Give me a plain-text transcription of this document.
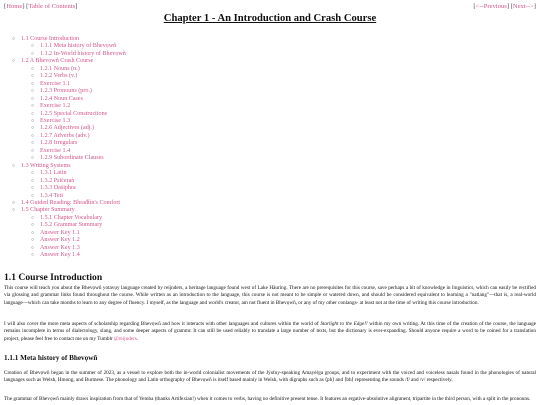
[Home] [Table of Contents]	[<--Previous] [Next-->]
Chapter 1 - An Introduction and Crash Course
○ 1.1 Course Introduction
○ 1.1.1 Meta history of Bhevọwñ
○ 1.1.2 In-World history of Bhevọwñ
○ 1.2 A Bhevọwñ Crash Course
○ 1.2.1 Nouns (n.)
○ 1.2.2 Verbs (v.)
○ Exercise 1.1
○ 1.2.3 Pronouns (pro.)
○ 1.2.4 Noun Cases
○ Exercise 1.2
○ 1.2.5 Special Constructions
○ Exercise 1.3
○ 1.2.6 Adjectives (adj.)
○ 1.2.7 Adverbs (adv.)
○ 1.2.8 Irregulars
○ Exercise 1.4
○ 1.2.9 Subordinate Clauses
○ 1.3 Writing Systems
○ 1.3.1 Latin
○ 1.3.2 Psiċeraǹ
○ 1.3.3 Daṡiphra
○ 1.3.4 Teti
○ 1.4 Guided Reading: Bhraḋṫìn's Comfort
○ 1.5 Chapter Summary
○ 1.5.1 Chapter Vocabulary
○ 1.5.2 Grammar Summary
○ Answer Key 1.1
○ Answer Key 1.2
○ Answer Key 1.3
○ Answer Key 1.4
1.1 Course Introduction

This course will teach you about the Bhevọwñ yotavụy language created by reijnders, a heritage language found west of Lake Hāuring. There are no prerequisites for this course, save perhaps a bit of knowledge in linguistics, which can easily be rectified via glossing and grammar links found throughout the course. While written as an introduction to the language, this course is not meant to be simple or watered down, and should be considered equivalent to learning a "natlang"—that is, a real-world language—which can take months to learn to any degree of fluency. I myself, as the language and world's creator, am not fluent in Bhevọwñ, or any of my other conlangs- at least not at the time of writing this course introduction.

I will also cover the more meta aspects of scholarship regarding Bhevọwñ and how it interacts with other languages and cultures within the world of Starlight to the Edge!! within my own writing. At this time of the creation of the course, the language remains incomplete in terms of dialectology, slang, and some deeper aspects of grammr. It can still be used reliably to translate a large number of texts, but the dictionary is ever-expanding. Should anyone require a word to be coined for a translation project, please feel free to contact me on my Tumblr @reijnders.

1.1.1 Meta history of Bhevọwñ

Creation of Bhevọwñ began in the summer of 2023, as a vessel to explore both the in-world colonialist movements of the Jẏoṫuy-speaking Amayèṙga groups, and to experiment with the voiced and voiceless nasals found in the phonologies of natural languages such as Welsh, Hmong, and Burmese. The phonology and Latin orthography of Bhevọwñ is itself based mainly in Welsh, with digraphs such as ⟨ph⟩ and ⟨bh⟩ representing the sounds /f/ and /v/ respectively.

The grammar of Bhevọwñ mainly draws inspiration from that of Yemba (thanks Artifexian!) when it comes to verbs, having no definitive present tense. It features an ergative-absolutive alignment, tripartite in the third person, with a split in the pronouns.
